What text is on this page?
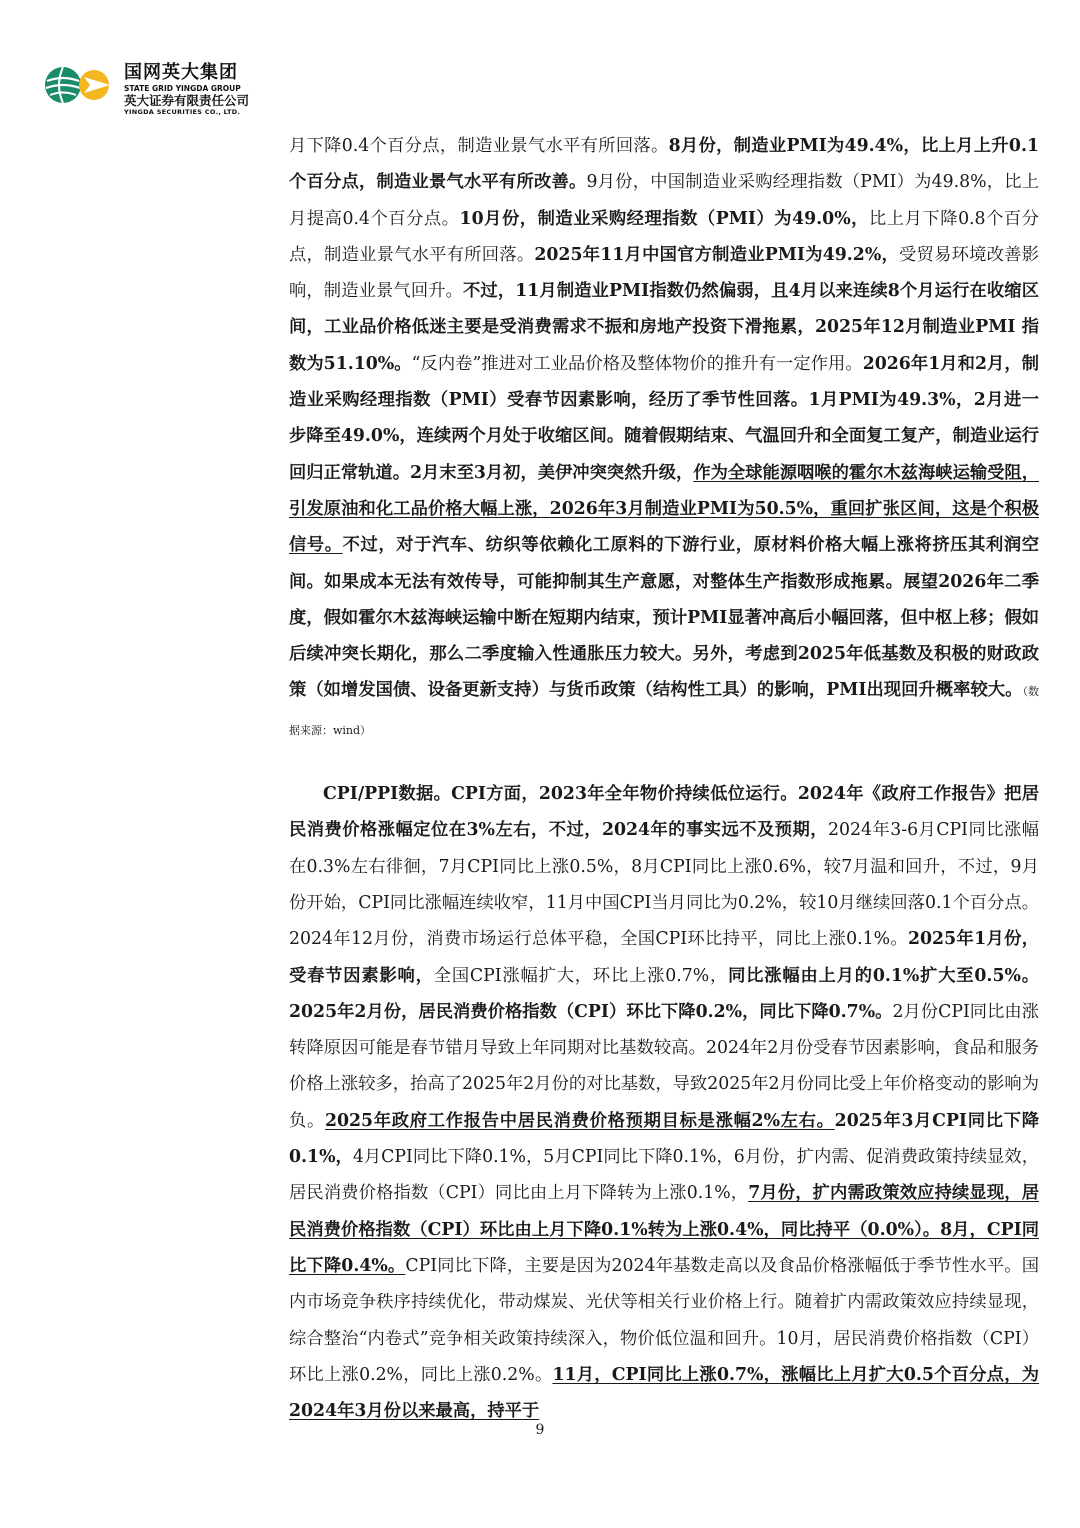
国网英大集团
STATE GRID YINGDA GROUP
英大证券有限责任公司
YINGDA SECURITIES CO., LTD.

月下降0.4个百分点，制造业景气水平有所回落。8月份，制造业PMI为49.4%，比上月上升0.1个百分点，制造业景气水平有所改善。9月份，中国制造业采购经理指数（PMI）为49.8%，比上月提高0.4个百分点。10月份，制造业采购经理指数（PMI）为49.0%，比上月下降0.8个百分点，制造业景气水平有所回落。2025年11月中国官方制造业PMI为49.2%，受贸易环境改善影响，制造业景气回升。不过，11月制造业PMI指数仍然偏弱，且4月以来连续8个月运行在收缩区间，工业品价格低迷主要是受消费需求不振和房地产投资下滑拖累，2025年12月制造业PMI 指数为51.10%。“反内卷”推进对工业品价格及整体物价的推升有一定作用。2026年1月和2月，制造业采购经理指数（PMI）受春节因素影响，经历了季节性回落。1月PMI为49.3%，2月进一步降至49.0%，连续两个月处于收缩区间。随着假期结束、气温回升和全面复工复产，制造业运行回归正常轨道。2月末至3月初，美伊冲突突然升级，作为全球能源咽喉的霍尔木兹海峡运输受阻，引发原油和化工品价格大幅上涨，2026年3月制造业PMI为50.5%，重回扩张区间，这是个积极信号。不过，对于汽车、纺织等依赖化工原料的下游行业，原材料价格大幅上涨将挤压其利润空间。如果成本无法有效传导，可能抑制其生产意愿，对整体生产指数形成拖累。展望2026年二季度，假如霍尔木兹海峡运输中断在短期内结束，预计PMI显著冲高后小幅回落，但中枢上移；假如后续冲突长期化，那么二季度输入性通胀压力较大。另外，考虑到2025年低基数及积极的财政政策（如增发国债、设备更新支持）与货币政策（结构性工具）的影响，PMI出现回升概率较大。（数据来源：wind）

CPI/PPI数据。CPI方面，2023年全年物价持续低位运行。2024年《政府工作报告》把居民消费价格涨幅定位在3%左右，不过，2024年的事实远不及预期，2024年3-6月CPI同比涨幅在0.3%左右徘徊，7月CPI同比上涨0.5%，8月CPI同比上涨0.6%，较7月温和回升，不过，9月份开始，CPI同比涨幅连续收窄，11月中国CPI当月同比为0.2%，较10月继续回落0.1个百分点。2024年12月份，消费市场运行总体平稳，全国CPI环比持平，同比上涨0.1%。2025年1月份，受春节因素影响，全国CPI涨幅扩大，环比上涨0.7%，同比涨幅由上月的0.1%扩大至0.5%。2025年2月份，居民消费价格指数（CPI）环比下降0.2%，同比下降0.7%。2月份CPI同比由涨转降原因可能是春节错月导致上年同期对比基数较高。2024年2月份受春节因素影响，食品和服务价格上涨较多，抬高了2025年2月份的对比基数，导致2025年2月份同比受上年价格变动的影响为负。2025年政府工作报告中居民消费价格预期目标是涨幅2%左右。2025年3月CPI同比下降0.1%，4月CPI同比下降0.1%，5月CPI同比下降0.1%，6月份，扩内需、促消费政策持续显效，居民消费价格指数（CPI）同比由上月下降转为上涨0.1%，7月份，扩内需政策效应持续显现，居民消费价格指数（CPI）环比由上月下降0.1%转为上涨0.4%，同比持平（0.0%）。8月，CPI同比下降0.4%。CPI同比下降，主要是因为2024年基数走高以及食品价格涨幅低于季节性水平。国内市场竞争秩序持续优化，带动煤炭、光伏等相关行业价格上行。随着扩内需政策效应持续显现，综合整治“内卷式”竞争相关政策持续深入，物价低位温和回升。10月，居民消费价格指数（CPI）环比上涨0.2%，同比上涨0.2%。11月，CPI同比上涨0.7%，涨幅比上月扩大0.5个百分点，为2024年3月份以来最高，持平于

9
